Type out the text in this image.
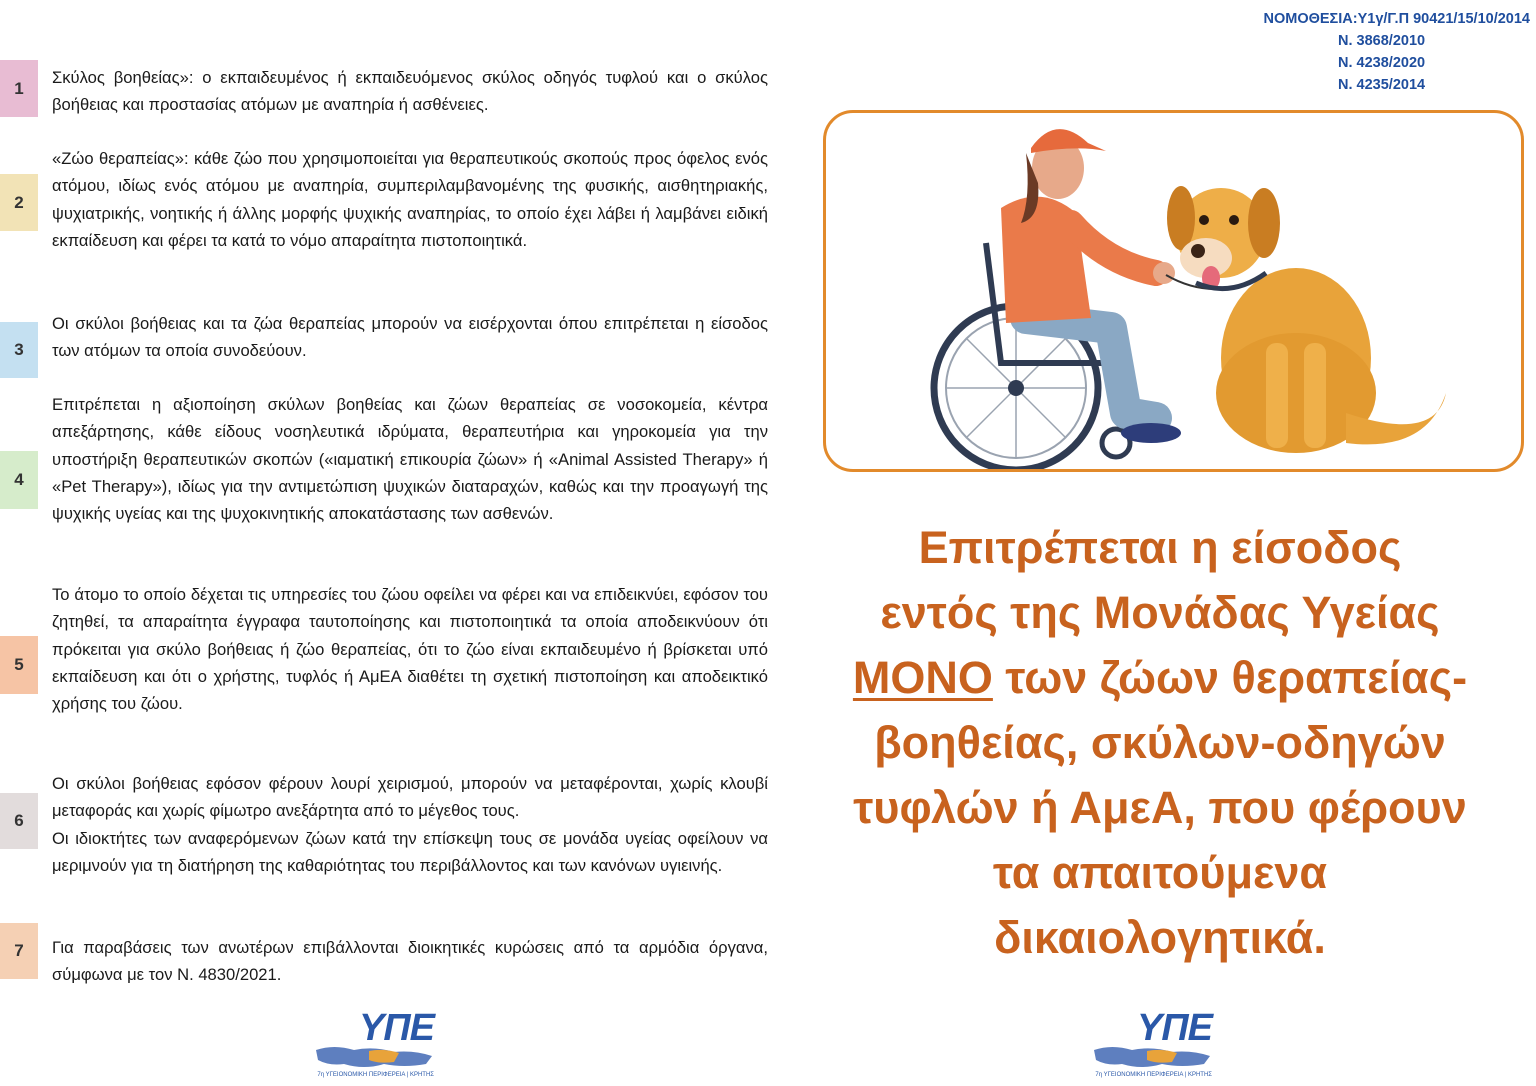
ΝΟΜΟΘΕΣΙΑ:Υ1γ/Γ.Π 90421/15/10/2014
Ν. 3868/2010
Ν. 4238/2020
Ν. 4235/2014
1
Σκύλος βοηθείας»: ο εκπαιδευμένος ή εκπαιδευόμενος σκύλος οδηγός τυφλού και ο σκύλος βοήθειας και προστασίας ατόμων με αναπηρία ή ασθένειες.
2
«Ζώο θεραπείας»: κάθε ζώο που χρησιμοποιείται για θεραπευτικούς σκοπούς προς όφελος ενός ατόμου, ιδίως ενός ατόμου με αναπηρία, συμπεριλαμβανομένης της φυσικής, αισθητηριακής, ψυχιατρικής, νοητικής ή άλλης μορφής ψυχικής αναπηρίας, το οποίο έχει λάβει ή λαμβάνει ειδική εκπαίδευση και φέρει τα κατά το νόμο απαραίτητα πιστοποιητικά.
3
Οι σκύλοι βοήθειας και τα ζώα θεραπείας μπορούν να εισέρχονται όπου επιτρέπεται η είσοδος των ατόμων τα οποία συνοδεύουν.
4
Επιτρέπεται η αξιοποίηση σκύλων βοηθείας και ζώων θεραπείας σε νοσοκομεία, κέντρα απεξάρτησης, κάθε είδους νοσηλευτικά ιδρύματα, θεραπευτήρια και γηροκομεία για την υποστήριξη θεραπευτικών σκοπών («ιαματική επικουρία ζώων» ή «Animal Assisted Therapy» ή «Pet Therapy»), ιδίως για την αντιμετώπιση ψυχικών διαταραχών, καθώς και την προαγωγή της ψυχικής υγείας και της ψυχοκινητικής αποκατάστασης των ασθενών.
5
Το άτομο το οποίο δέχεται τις υπηρεσίες του ζώου οφείλει να φέρει και να επιδεικνύει, εφόσον του ζητηθεί, τα απαραίτητα έγγραφα ταυτοποίησης και πιστοποιητικά τα οποία αποδεικνύουν ότι πρόκειται για σκύλο βοήθειας ή ζώο θεραπείας, ότι το ζώο είναι εκπαιδευμένο ή βρίσκεται υπό εκπαίδευση και ότι ο χρήστης, τυφλός ή ΑμΕΑ διαθέτει τη σχετική πιστοποίηση και αποδεικτικό χρήσης του ζώου.
6
Οι σκύλοι βοήθειας εφόσον φέρουν λουρί χειρισμού, μπορούν να μεταφέρονται, χωρίς κλουβί μεταφοράς και χωρίς φίμωτρο ανεξάρτητα από το μέγεθος τους.
Οι ιδιοκτήτες των αναφερόμενων ζώων κατά την επίσκεψη τους σε μονάδα υγείας οφείλουν να μεριμνούν για τη διατήρηση της καθαριότητας του περιβάλλοντος και των κανόνων υγιεινής.
7	Για παραβάσεις των ανωτέρων επιβάλλονται διοικητικές κυρώσεις από τα αρμόδια όργανα, σύμφωνα με τον Ν. 4830/2021.
Επιτρέπεται η είσοδος
εντός της Μονάδας Υγείας
ΜΟΝΟ των ζώων θεραπείας-
βοηθείας, σκύλων-οδηγών
τυφλών ή ΑμεΑ, που φέρουν
τα απαιτούμενα
δικαιολογητικά.
ΥΠΕ
7η ΥΓΕΙΟΝΟΜΙΚΗ ΠΕΡΙΦΕΡΕΙΑ | ΚΡΗΤΗΣ
ΥΠΕ
7η ΥΓΕΙΟΝΟΜΙΚΗ ΠΕΡΙΦΕΡΕΙΑ | ΚΡΗΤΗΣ
